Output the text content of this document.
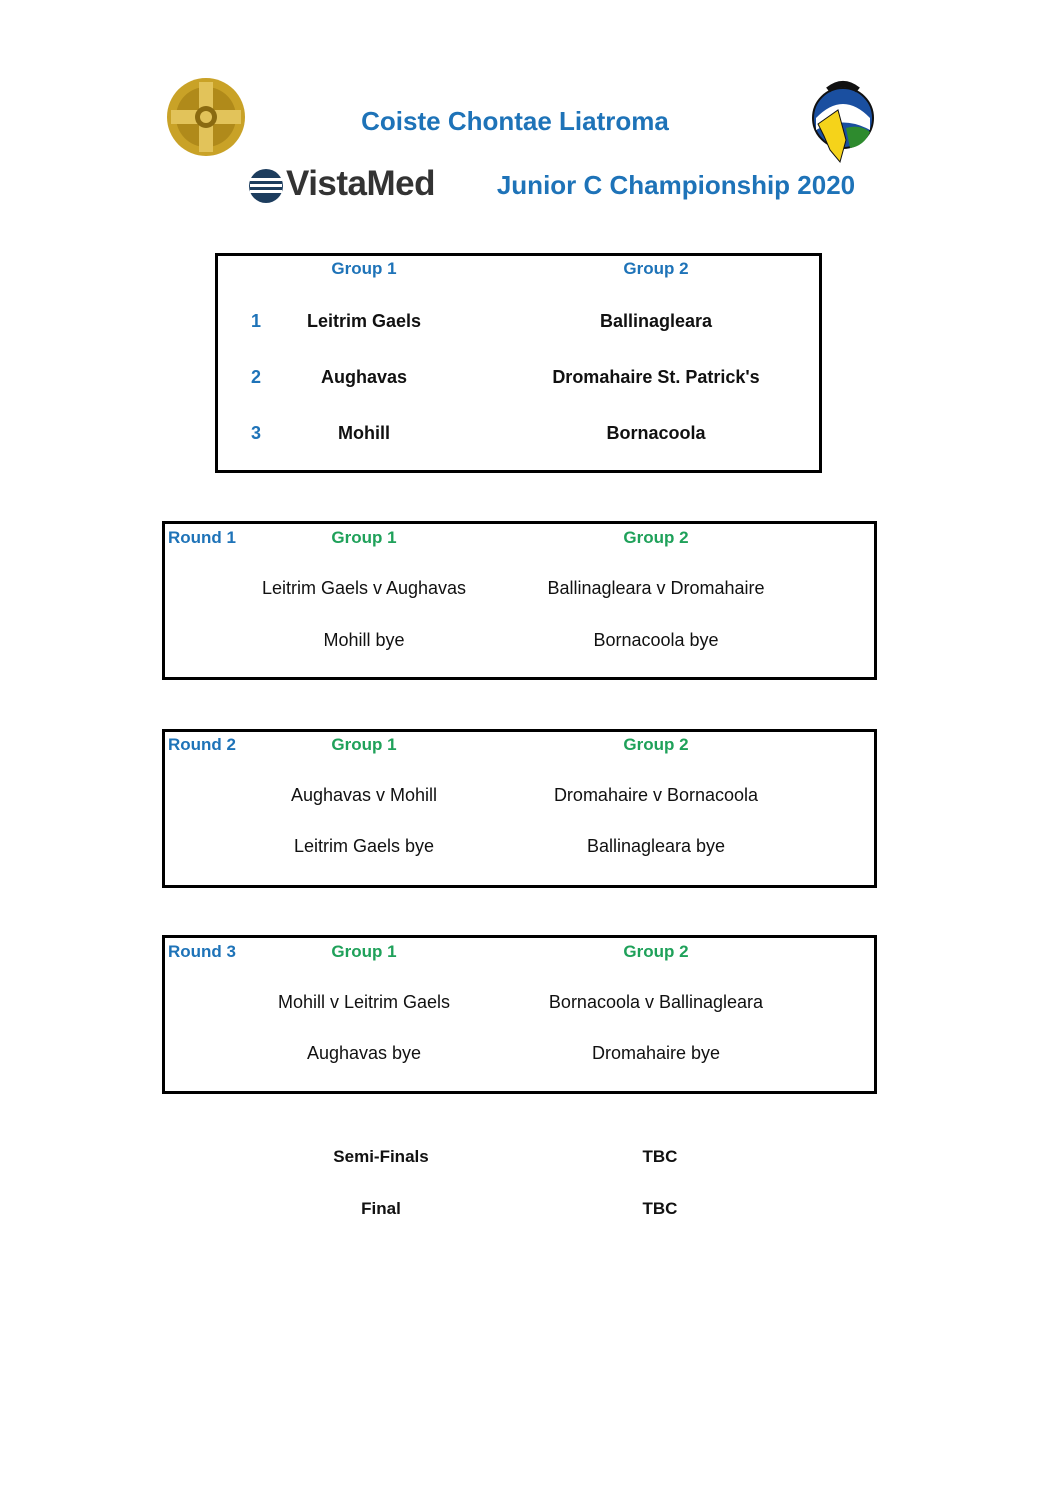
Coiste Chontae Liatroma
VistaMed	Junior C Championship 2020
Group 1	Group 2
1	Leitrim Gaels	Ballinagleara
2	Aughavas	Dromahaire St. Patrick's
3	Mohill	Bornacoola
Round 1	Group 1	Group 2
Leitrim Gaels v Aughavas	Ballinagleara v Dromahaire
Mohill bye	Bornacoola bye
Round 2	Group 1	Group 2
Aughavas v Mohill	Dromahaire v Bornacoola
Leitrim Gaels bye	Ballinagleara bye
Round 3	Group 1	Group 2
Mohill v Leitrim Gaels	Bornacoola v Ballinagleara
Aughavas bye	Dromahaire bye
Semi-Finals	TBC
Final	TBC
